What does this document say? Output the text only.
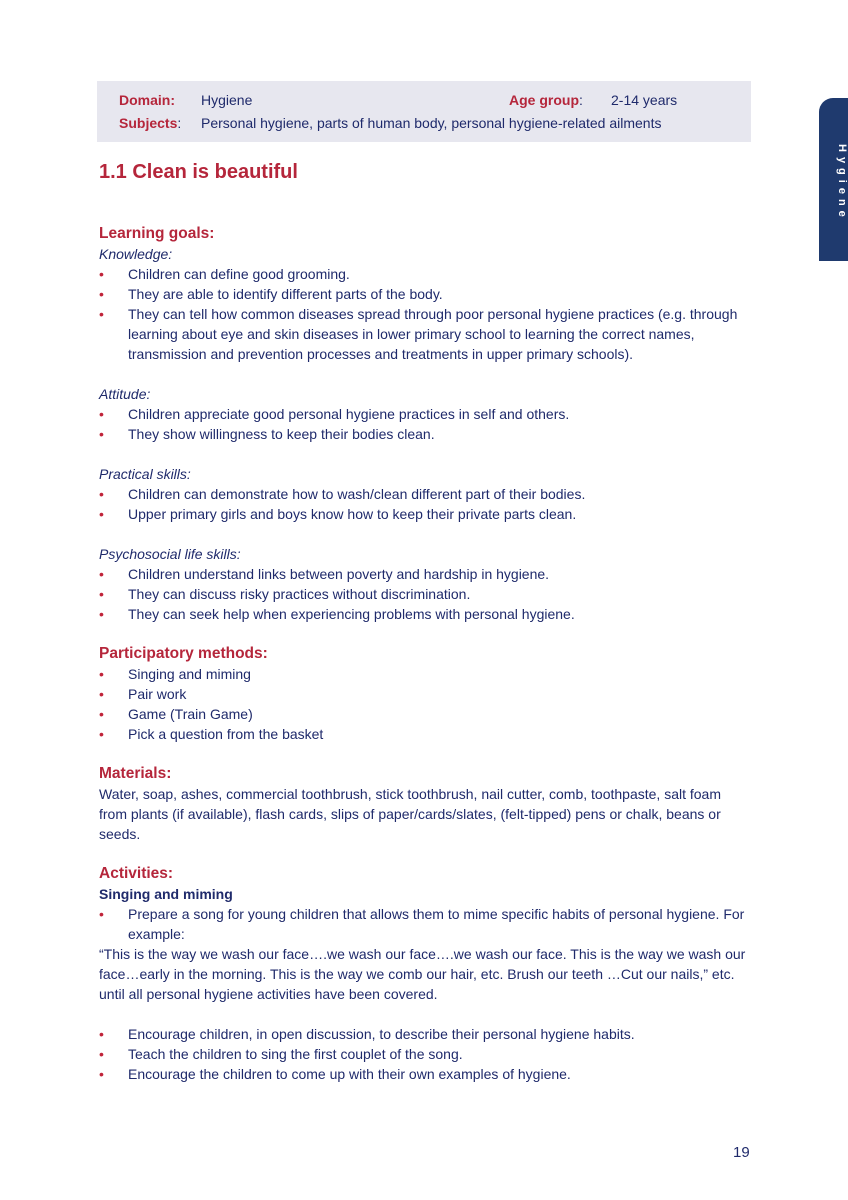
Domain: Hygiene	Age group: 2-14 years
Subjects: Personal hygiene, parts of human body, personal hygiene-related ailments
Hygiene
1.1 Clean is beautiful

Learning goals:

Knowledge:

• Children can define good grooming.
• They are able to identify different parts of the body.
• They can tell how common diseases spread through poor personal hygiene practices (e.g. through learning about eye and skin diseases in lower primary school to learning the correct names, transmission and prevention processes and treatments in upper primary schools).

Attitude:

• Children appreciate good personal hygiene practices in self and others.
• They show willingness to keep their bodies clean.

Practical skills:

• Children can demonstrate how to wash/clean different part of their bodies.
• Upper primary girls and boys know how to keep their private parts clean.

Psychosocial life skills:

• Children understand links between poverty and hardship in hygiene.
• They can discuss risky practices without discrimination.
• They can seek help when experiencing problems with personal hygiene.

Participatory methods:

• Singing and miming
• Pair work
• Game (Train Game)
• Pick a question from the basket

Materials:

Water, soap, ashes, commercial toothbrush, stick toothbrush, nail cutter, comb, toothpaste, salt foam from plants (if available), flash cards, slips of paper/cards/slates, (felt-tipped) pens or chalk, beans or seeds.

Activities:

Singing and miming

• Prepare a song for young children that allows them to mime specific habits of personal hygiene. For example:

“This is the way we wash our face….we wash our face….we wash our face. This is the way we wash our face…early in the morning. This is the way we comb our hair, etc. Brush our teeth …Cut our nails,” etc. until all personal hygiene activities have been covered.

• Encourage children, in open discussion, to describe their personal hygiene habits.
• Teach the children to sing the first couplet of the song.
• Encourage the children to come up with their own examples of hygiene.
19
